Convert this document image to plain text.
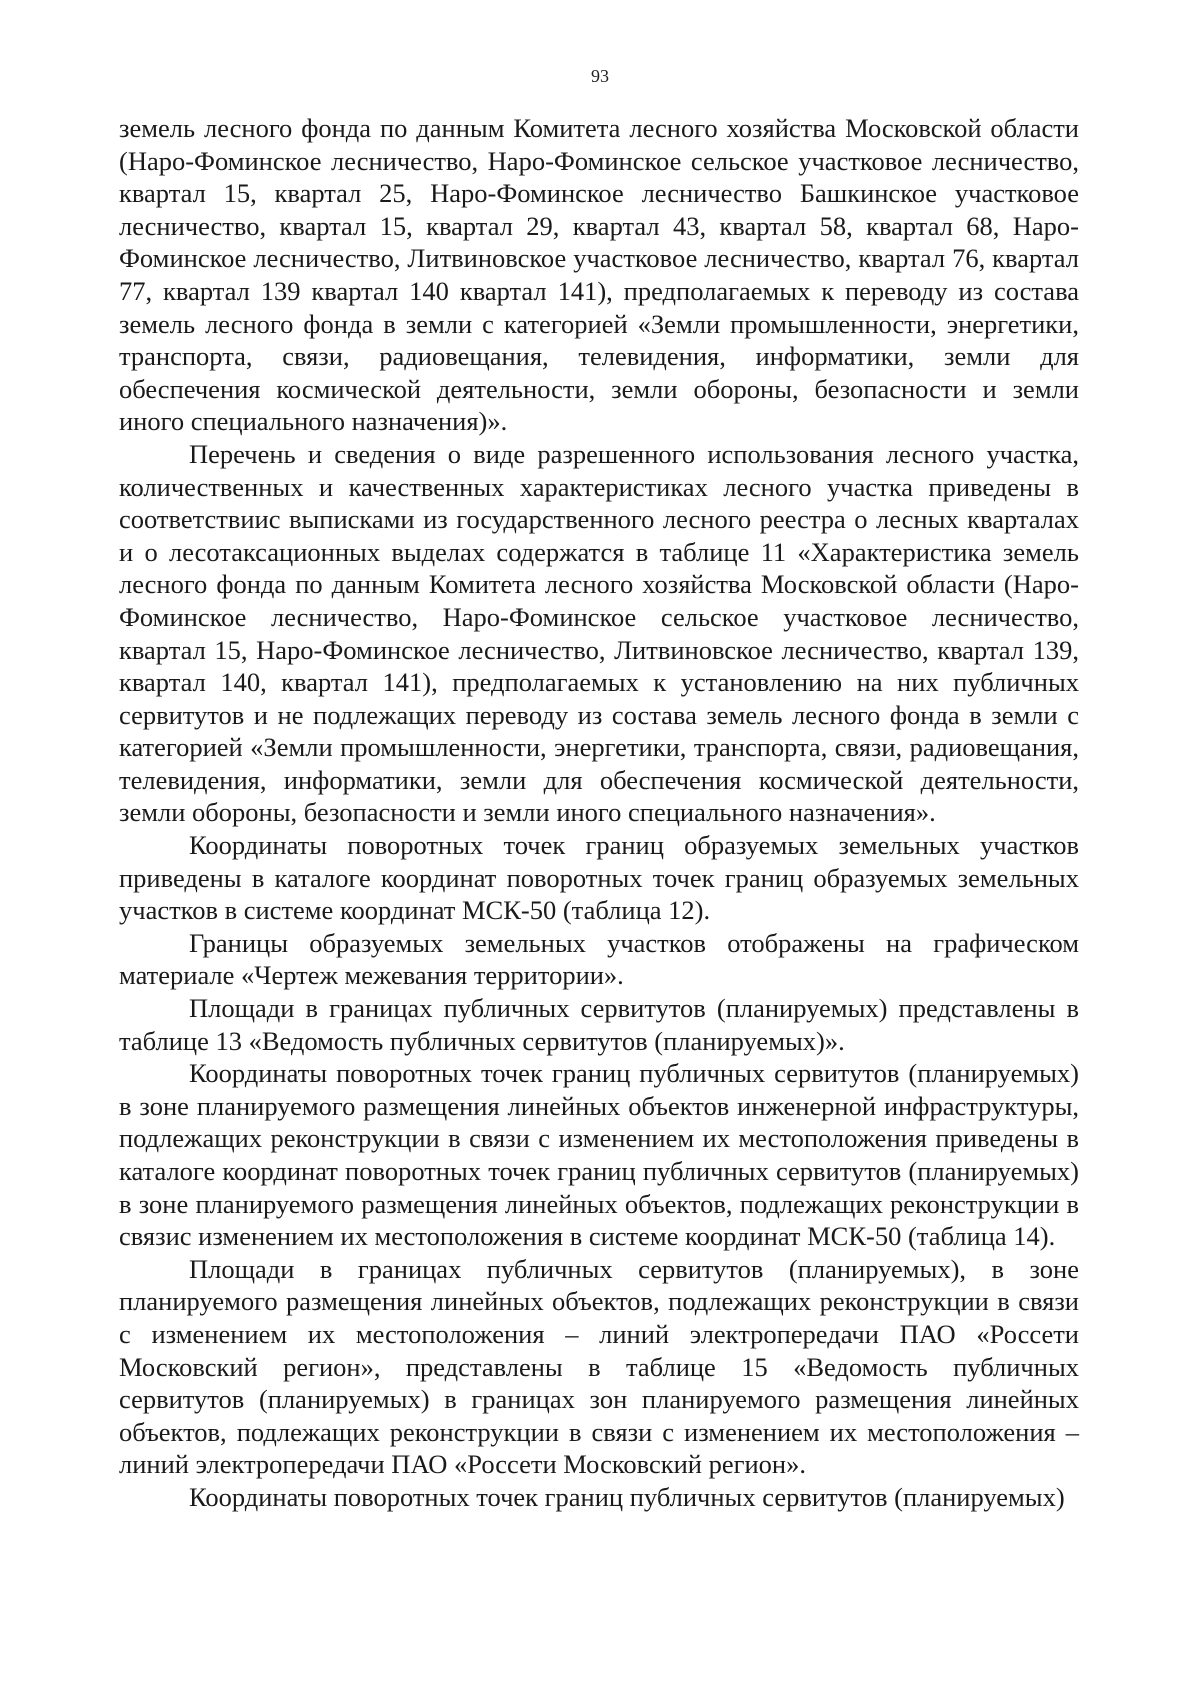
93

земель лесного фонда по данным Комитета лесного хозяйства Московской области (Наро-Фоминское лесничество, Наро-Фоминское сельское участковое лесничество, квартал 15, квартал 25, Наро-Фоминское лесничество Башкинское участковое лесничество, квартал 15, квартал 29, квартал 43, квартал 58, квартал 68, Наро-Фоминское лесничество, Литвиновское участковое лесничество, квартал 76, квартал 77, квартал 139 квартал 140 квартал 141), предполагаемых к переводу из состава земель лесного фонда в земли с категорией «Земли промышленности, энергетики, транспорта, связи, радиовещания, телевидения, информатики, земли для обеспечения космической деятельности, земли обороны, безопасности и земли иного специального назначения)».

Перечень и сведения о виде разрешенного использования лесного участка, количественных и качественных характеристиках лесного участка приведены в соответствиис выписками из государственного лесного реестра о лесных кварталах и о лесотаксационных выделах содержатся в таблице 11 «Характеристика земель лесного фонда по данным Комитета лесного хозяйства Московской области (Наро-Фоминское лесничество, Наро-Фоминское сельское участковое лесничество, квартал 15, Наро-Фоминское лесничество, Литвиновское лесничество, квартал 139, квартал 140, квартал 141), предполагаемых к установлению на них публичных сервитутов и не подлежащих переводу из состава земель лесного фонда в земли с категорией «Земли промышленности, энергетики, транспорта, связи, радиовещания, телевидения, информатики, земли для обеспечения космической деятельности, земли обороны, безопасности и земли иного специального назначения».

Координаты поворотных точек границ образуемых земельных участков приведены в каталоге координат поворотных точек границ образуемых земельных участков в системе координат МСК-50 (таблица 12).

Границы образуемых земельных участков отображены на графическом материале «Чертеж межевания территории».

Площади в границах публичных сервитутов (планируемых) представлены в таблице 13 «Ведомость публичных сервитутов (планируемых)».

Координаты поворотных точек границ публичных сервитутов (планируемых) в зоне планируемого размещения линейных объектов инженерной инфраструктуры, подлежащих реконструкции в связи с изменением их местоположения приведены в каталоге координат поворотных точек границ публичных сервитутов (планируемых) в зоне планируемого размещения линейных объектов, подлежащих реконструкции в связис изменением их местоположения в системе координат МСК-50 (таблица 14).

Площади в границах публичных сервитутов (планируемых), в зоне планируемого размещения линейных объектов, подлежащих реконструкции в связи с изменением их местоположения – линий электропередачи ПАО «Россети Московский регион», представлены в таблице 15 «Ведомость публичных сервитутов (планируемых) в границах зон планируемого размещения линейных объектов, подлежащих реконструкции в связи с изменением их местоположения – линий электропередачи ПАО «Россети Московский регион».

Координаты поворотных точек границ публичных сервитутов (планируемых)
